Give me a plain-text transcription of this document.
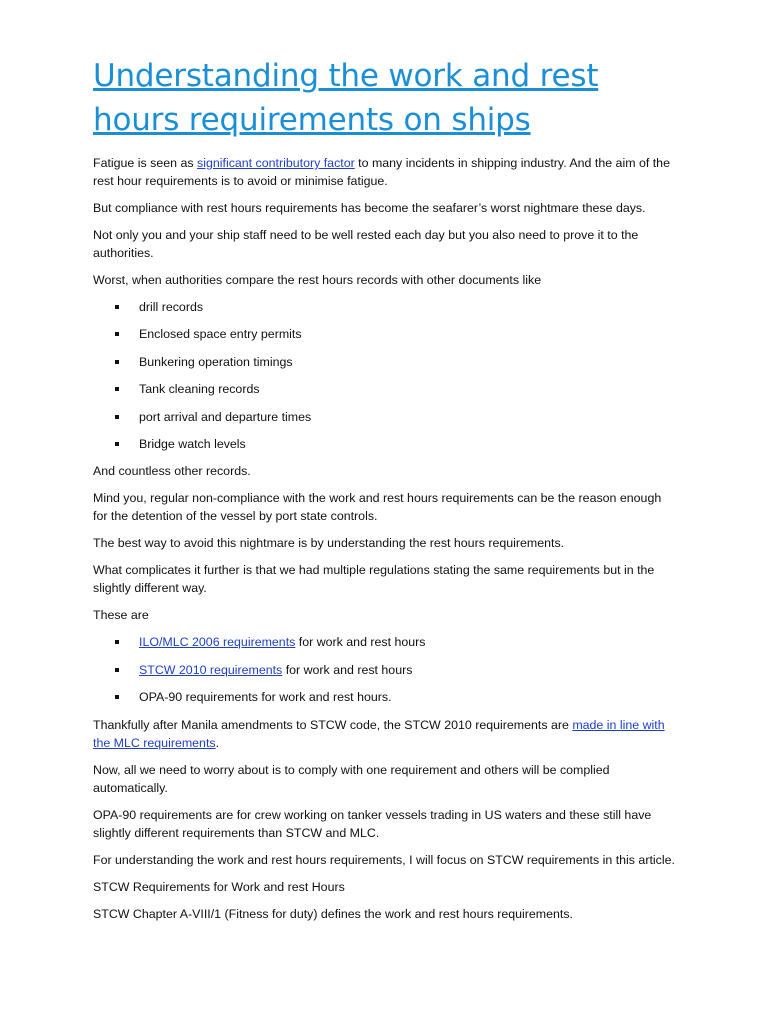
Understanding the work and rest hours requirements on ships

Fatigue is seen as significant contributory factor to many incidents in shipping industry. And the aim of the rest hour requirements is to avoid or minimise fatigue.

But compliance with rest hours requirements has become the seafarer’s worst nightmare these days.

Not only you and your ship staff need to be well rested each day but you also need to prove it to the authorities.

Worst, when authorities compare the rest hours records with other documents like

drill records
Enclosed space entry permits
Bunkering operation timings
Tank cleaning records
port arrival and departure times
Bridge watch levels

And countless other records.

Mind you, regular non-compliance with the work and rest hours requirements can be the reason enough for the detention of the vessel by port state controls.

The best way to avoid this nightmare is by understanding the rest hours requirements.

What complicates it further is that we had multiple regulations stating the same requirements but in the slightly different way.

These are

ILO/MLC 2006 requirements for work and rest hours
STCW 2010 requirements for work and rest hours
OPA-90 requirements for work and rest hours.

Thankfully after Manila amendments to STCW code, the STCW 2010 requirements are made in line with the MLC requirements.

Now, all we need to worry about is to comply with one requirement and others will be complied automatically.

OPA-90 requirements are for crew working on tanker vessels trading in US waters and these still have slightly different requirements than STCW and MLC.

For understanding the work and rest hours requirements, I will focus on STCW requirements in this article.

STCW Requirements for Work and rest Hours

STCW Chapter A-VIII/1 (Fitness for duty) defines the work and rest hours requirements.
